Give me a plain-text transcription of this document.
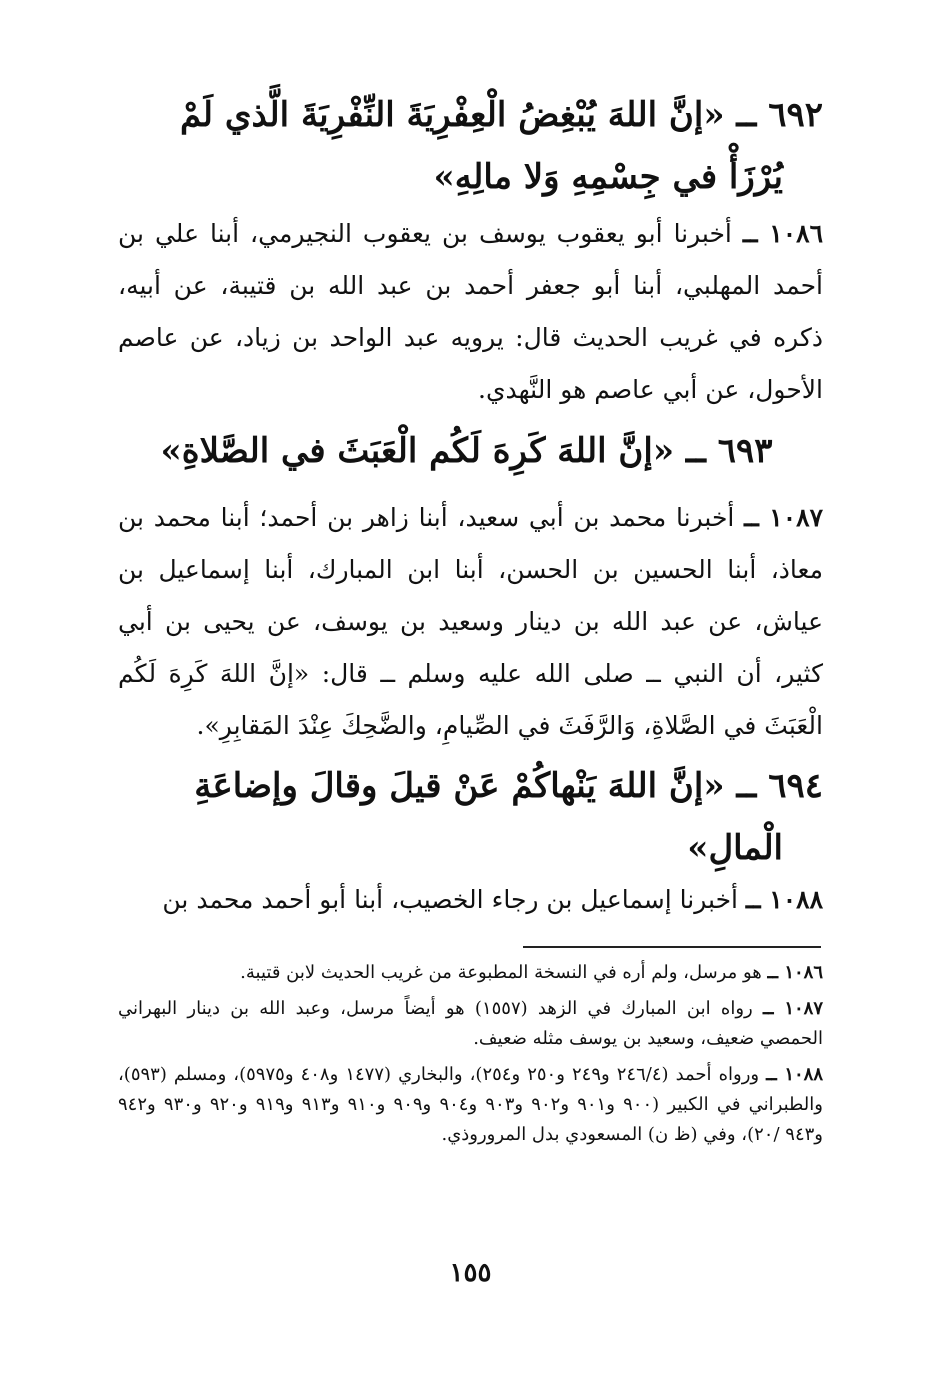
٦٩٢ ــ «إنَّ اللهَ يُبْغِضُ الْعِفْرِيَةَ النِّفْرِيَةَ الَّذي لَمْ
يُرْزَأْ في جِسْمِهِ وَلا مالِهِ»
١٠٨٦ ــ أخبرنا أبو يعقوب يوسف بن يعقوب النجيرمي، أبنا علي بن أحمد المهلبي، أبنا أبو جعفر أحمد بن عبد الله بن قتيبة، عن أبيه، ذكره في غريب الحديث قال: يرويه عبد الواحد بن زياد، عن عاصم الأحول، عن أبي عاصم هو النَّهدي.
٦٩٣ ــ «إنَّ اللهَ كَرِهَ لَكُم الْعَبَثَ في الصَّلاةِ»
١٠٨٧ ــ أخبرنا محمد بن أبي سعيد، أبنا زاهر بن أحمد؛ أبنا محمد بن معاذ، أبنا الحسين بن الحسن، أبنا ابن المبارك، أبنا إسماعيل بن عياش، عن عبد الله بن دينار وسعيد بن يوسف، عن يحيى بن أبي كثير، أن النبي ــ صلى الله عليه وسلم ــ قال: «إنَّ اللهَ كَرِهَ لَكُم الْعَبَثَ في الصَّلاةِ، وَالرَّفَثَ في الصِّيامِ، والضَّحِكَ عِنْدَ المَقابِرِ».
٦٩٤ ــ «إنَّ اللهَ يَنْهاكُمْ عَنْ قيلَ وقالَ وإضاعَةِ
الْمالِ»
١٠٨٨ ــ أخبرنا إسماعيل بن رجاء الخصيب، أبنا أبو أحمد محمد بن

١٠٨٦ ــ هو مرسل، ولم أره في النسخة المطبوعة من غريب الحديث لابن قتيبة.

١٠٨٧ ــ رواه ابن المبارك في الزهد (١٥٥٧) هو أيضاً مرسل، وعبد الله بن دينار البهراني الحمصي ضعيف، وسعيد بن يوسف مثله ضعيف.

١٠٨٨ ــ ورواه أحمد (٢٤٦/٤ و٢٤٩ و٢٥٠ و٢٥٤)، والبخاري (١٤٧٧ و٤٠٨ و٥٩٧٥)، ومسلم (٥٩٣)، والطبراني في الكبير (٩٠٠ و٩٠١ و٩٠٢ و٩٠٣ و٩٠٤ و٩٠٩ و٩١٠ و٩١٣ و٩١٩ و٩٢٠ و٩٣٠ و٩٤٢ و٩٤٣ /٢٠)، وفي (ظ ن) المسعودي بدل المروروذي.

١٥٥
